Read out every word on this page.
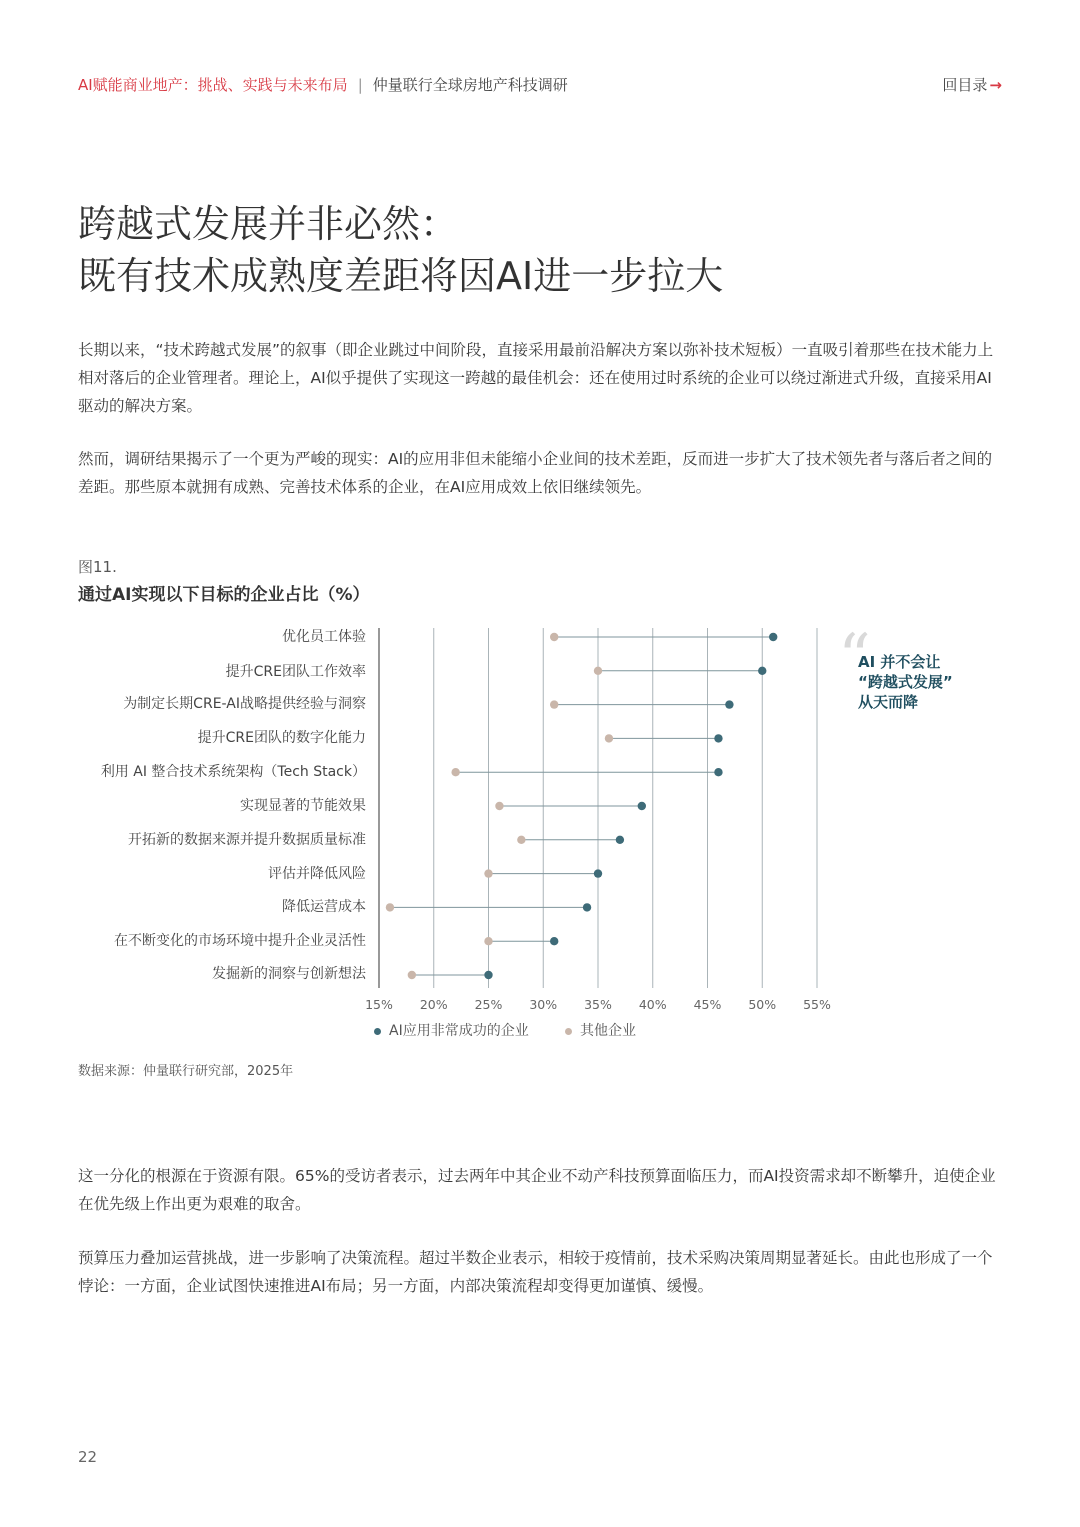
AI赋能商业地产：挑战、实践与未来布局 | 仲量联行全球房地产科技调研	回目录 →
跨越式发展并非必然：
既有技术成熟度差距将因AI进一步拉大

长期以来，“技术跨越式发展”的叙事（即企业跳过中间阶段，直接采用最前沿解决方案以弥补技术短板）一直吸引着那些在技术能力上相对落后的企业管理者。理论上，AI似乎提供了实现这一跨越的最佳机会：还在使用过时系统的企业可以绕过渐进式升级，直接采用AI驱动的解决方案。

然而，调研结果揭示了一个更为严峻的现实：AI的应用非但未能缩小企业间的技术差距，反而进一步扩大了技术领先者与落后者之间的差距。那些原本就拥有成熟、完善技术体系的企业，在AI应用成效上依旧继续领先。

图11.
通过AI实现以下目标的企业占比（%）
优化员工体验
提升CRE团队工作效率
为制定长期CRE-AI战略提供经验与洞察
提升CRE团队的数字化能力
利用 AI 整合技术系统架构（Tech Stack）
实现显著的节能效果
开拓新的数据来源并提升数据质量标准
评估并降低风险
降低运营成本
在不断变化的市场环境中提升企业灵活性
发掘新的洞察与创新想法
15% 20% 25% 30% 35% 40% 45% 50% 55%
AI应用非常成功的企业	其他企业
“
AI 并不会让
“跨越式发展”
从天而降
数据来源：仲量联行研究部，2025年

这一分化的根源在于资源有限。65%的受访者表示，过去两年中其企业不动产科技预算面临压力，而AI投资需求却不断攀升，迫使企业在优先级上作出更为艰难的取舍。

预算压力叠加运营挑战，进一步影响了决策流程。超过半数企业表示，相较于疫情前，技术采购决策周期显著延长。由此也形成了一个悖论：一方面，企业试图快速推进AI布局；另一方面，内部决策流程却变得更加谨慎、缓慢。

22
